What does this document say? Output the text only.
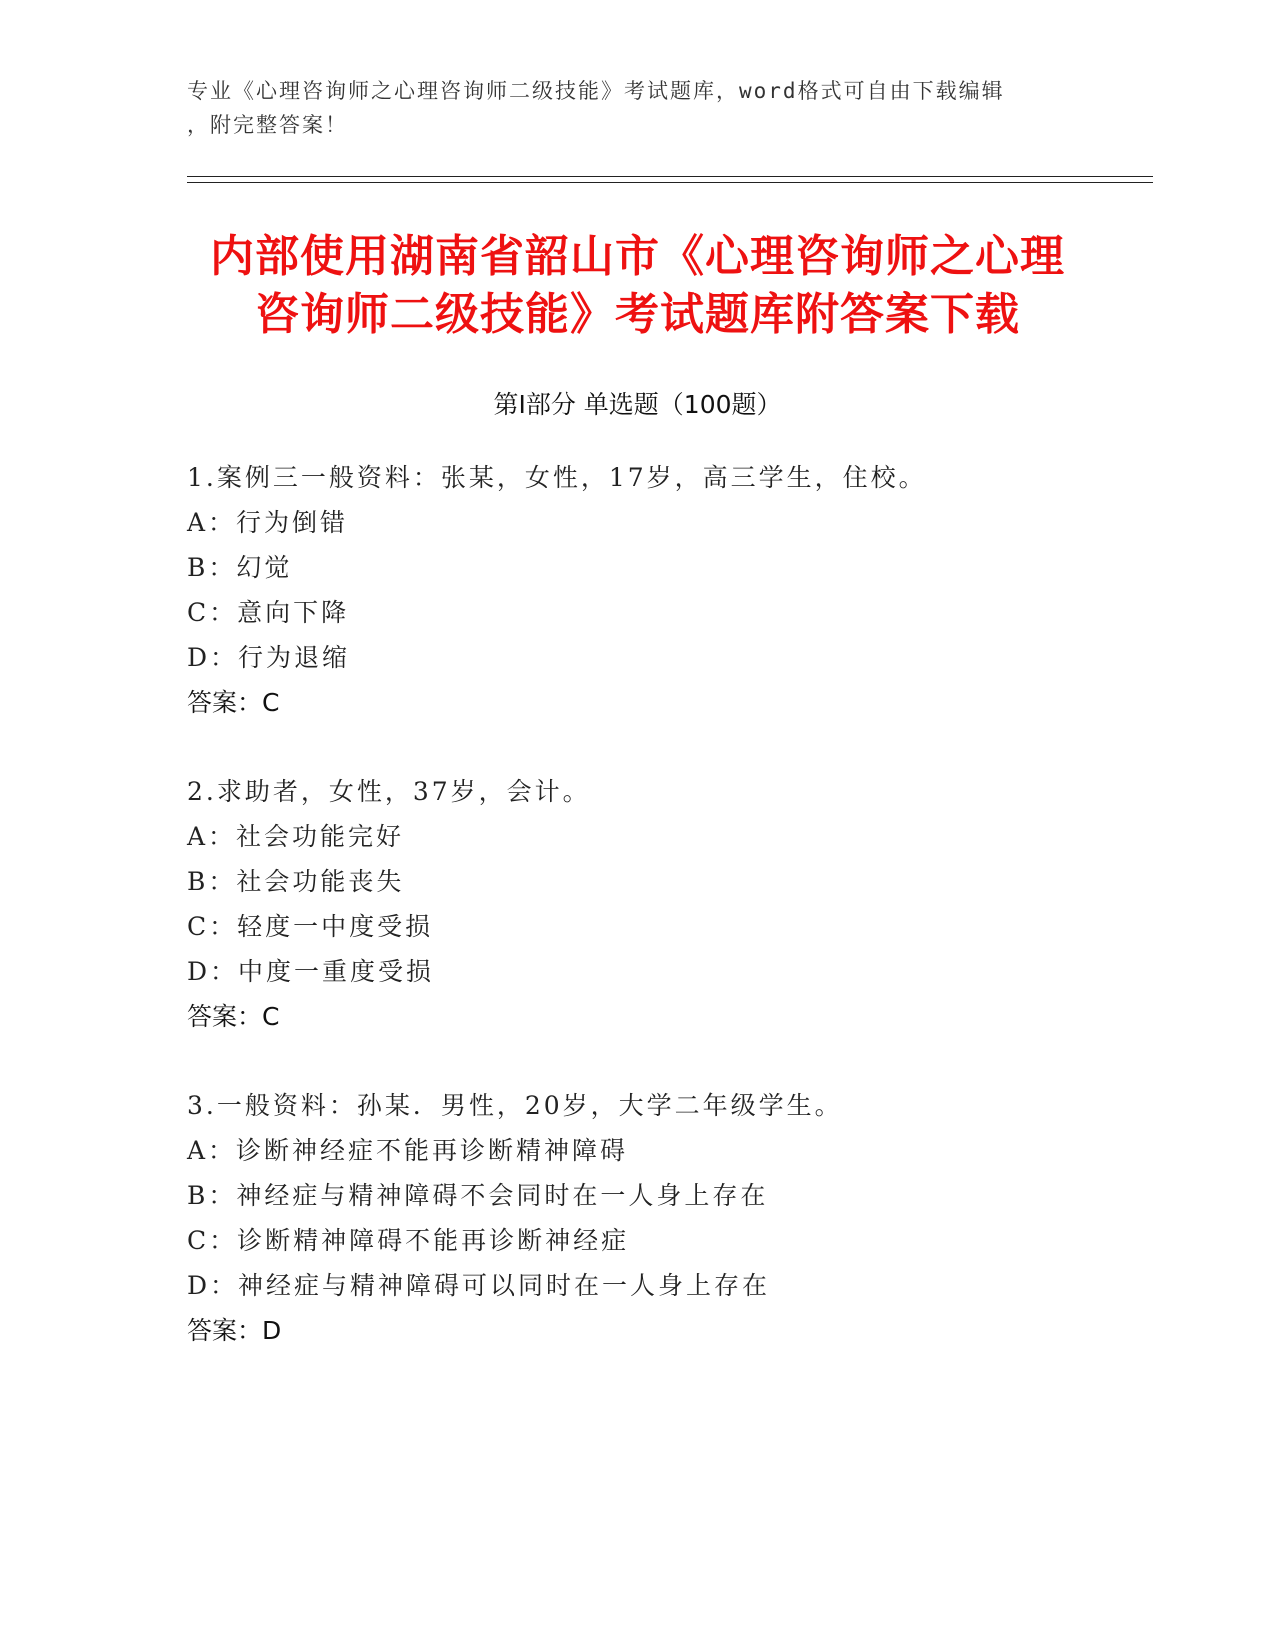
专业《心理咨询师之心理咨询师二级技能》考试题库，word格式可自由下载编辑
，附完整答案！
内部使用湖南省韶山市《心理咨询师之心理
咨询师二级技能》考试题库附答案下载
第Ⅰ部分 单选题（100题）
1.案例三一般资料：张某，女性，17岁，高三学生，住校。
A：行为倒错
B：幻觉
C：意向下降
D：行为退缩
答案：C
2.求助者，女性，37岁，会计。
A：社会功能完好
B：社会功能丧失
C：轻度一中度受损
D：中度一重度受损
答案：C
3.一般资料：孙某．男性，20岁，大学二年级学生。
A：诊断神经症不能再诊断精神障碍
B：神经症与精神障碍不会同时在一人身上存在
C：诊断精神障碍不能再诊断神经症
D：神经症与精神障碍可以同时在一人身上存在
答案：D
